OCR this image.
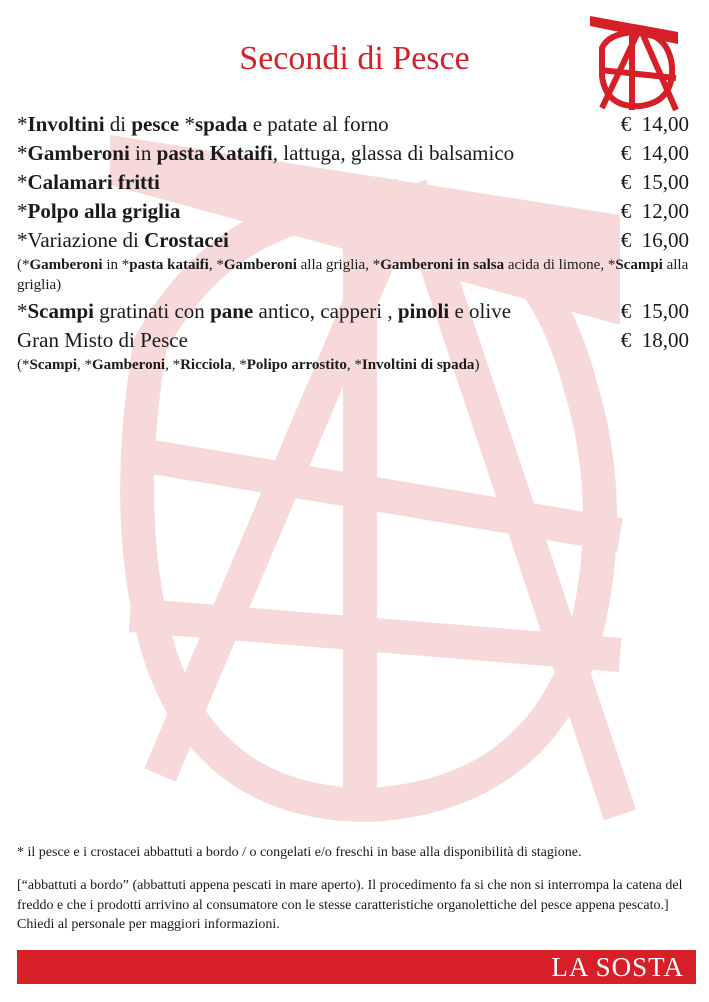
Secondi di Pesce
*Involtini di pesce *spada e patate al forno	€ 14,00
*Gamberoni in pasta Kataifi, lattuga, glassa di balsamico	€ 14,00
*Calamari fritti	€ 15,00
*Polpo alla griglia	€ 12,00
*Variazione di Crostacei	€ 16,00
(*Gamberoni in *pasta kataifi, *Gamberoni alla griglia, *Gamberoni in salsa acida di limone, *Scampi alla griglia)
*Scampi gratinati con pane antico, capperi , pinoli e olive	€ 15,00
Gran Misto di Pesce	€ 18,00
(*Scampi, *Gamberoni, *Ricciola, *Polipo arrostito, *Involtini di spada)
* il pesce e i crostacei abbattuti a bordo / o congelati e/o freschi in base alla disponibilità di stagione.
[“abbattuti a bordo” (abbattuti appena pescati in mare aperto). Il procedimento fa si che non si interrompa la catena del
freddo e che i prodotti arrivino al consumatore con le stesse caratteristiche organolettiche del pesce appena pescato.]
Chiedi al personale per maggiori informazioni.
LA SOSTA
